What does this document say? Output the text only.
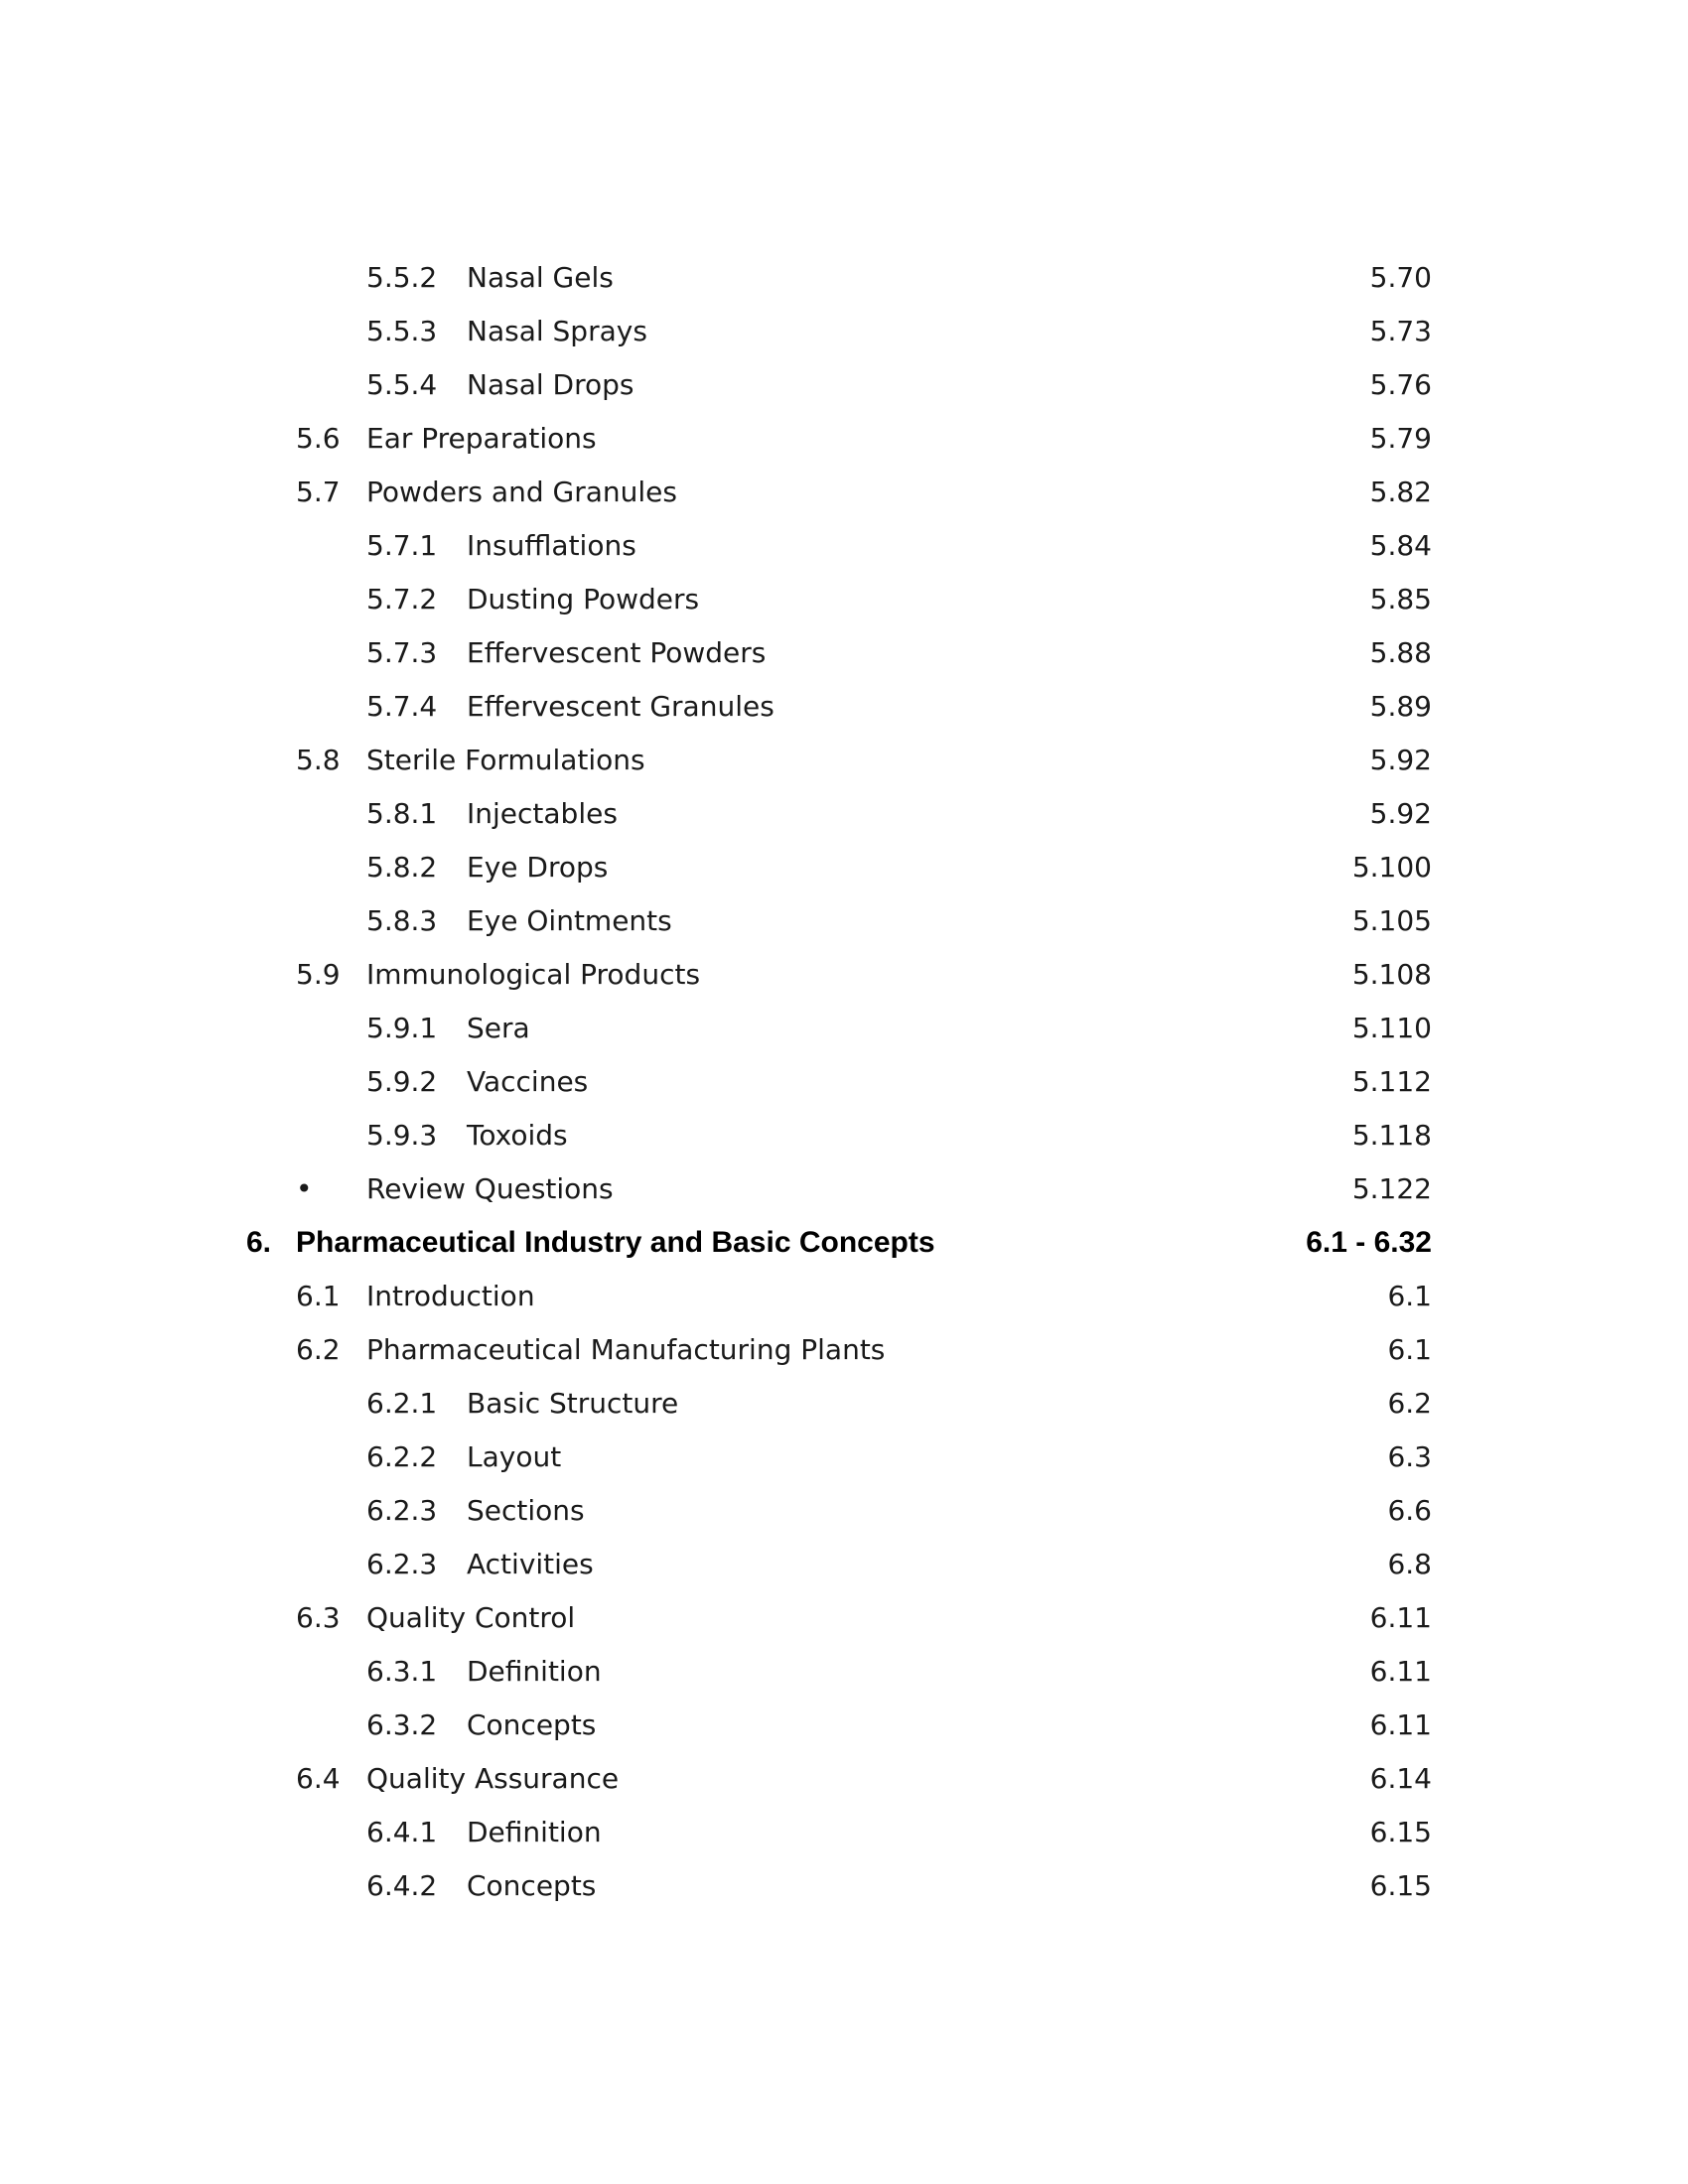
5.5.2 Nasal Gels	5.70
5.5.3 Nasal Sprays	5.73
5.5.4 Nasal Drops	5.76
5.6 Ear Preparations	5.79
5.7 Powders and Granules	5.82
5.7.1 Insufflations	5.84
5.7.2 Dusting Powders	5.85
5.7.3 Effervescent Powders	5.88
5.7.4 Effervescent Granules	5.89
5.8 Sterile Formulations	5.92
5.8.1 Injectables	5.92
5.8.2 Eye Drops	5.100
5.8.3 Eye Ointments	5.105
5.9 Immunological Products	5.108
5.9.1 Sera	5.110
5.9.2 Vaccines	5.112
5.9.3 Toxoids	5.118
• Review Questions	5.122
6. Pharmaceutical Industry and Basic Concepts	6.1 - 6.32
6.1 Introduction	6.1
6.2 Pharmaceutical Manufacturing Plants	6.1
6.2.1 Basic Structure	6.2
6.2.2 Layout	6.3
6.2.3 Sections	6.6
6.2.3 Activities	6.8
6.3 Quality Control	6.11
6.3.1 Definition	6.11
6.3.2 Concepts	6.11
6.4 Quality Assurance	6.14
6.4.1 Definition	6.15
6.4.2 Concepts	6.15
